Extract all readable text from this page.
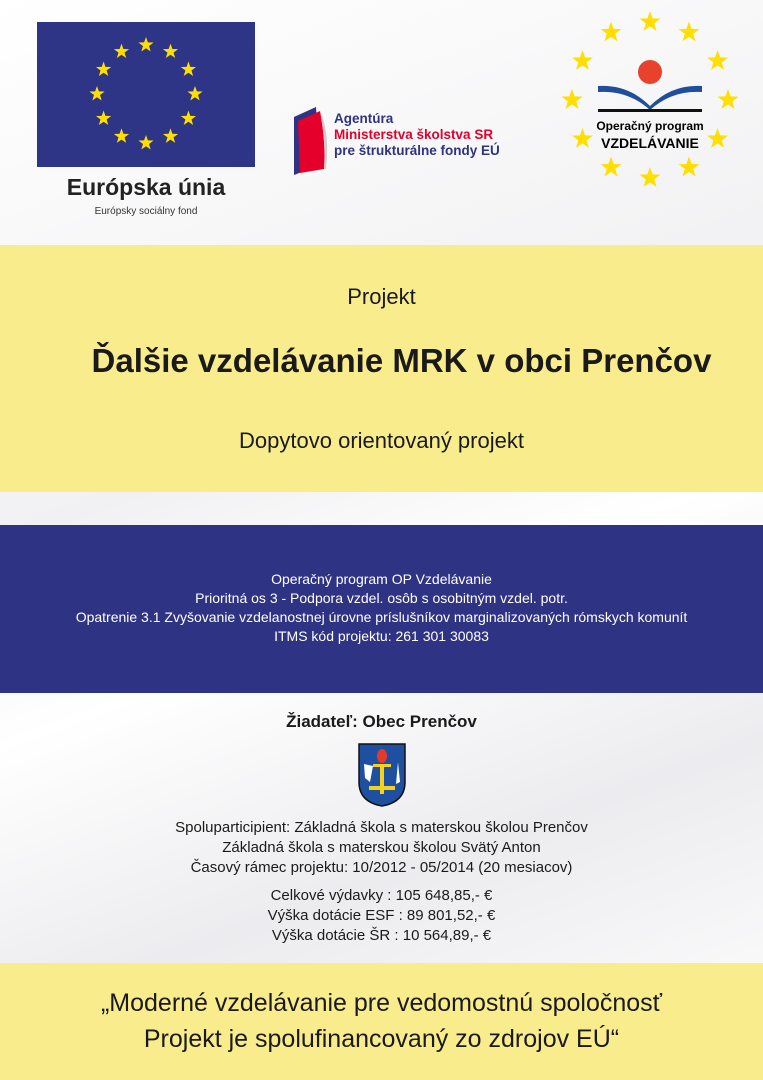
Európska únia
Európsky sociálny fond
Agentúra
Ministerstva školstva SR
pre štrukturálne fondy EÚ
Operačný program
VZDELÁVANIE
Projekt
Ďalšie vzdelávanie MRK v obci Prenčov
Dopytovo orientovaný projekt
Operačný program OP Vzdelávanie
Prioritná os 3 - Podpora vzdel. osôb s osobitným vzdel. potr.
Opatrenie 3.1 Zvyšovanie vzdelanostnej úrovne príslušníkov marginalizovaných rómskych komunít
ITMS kód projektu: 261 301 30083
Žiadateľ: Obec Prenčov
Spoluparticipient: Základná škola s materskou školou Prenčov
Základná škola s materskou školou Svätý Anton
Časový rámec projektu: 10/2012 - 05/2014 (20 mesiacov)
Celkové výdavky : 105 648,85,- €
Výška dotácie ESF : 89 801,52,- €
Výška dotácie ŠR : 10 564,89,- €
„Moderné vzdelávanie pre vedomostnú spoločnosť
Projekt je spolufinancovaný zo zdrojov EÚ“
